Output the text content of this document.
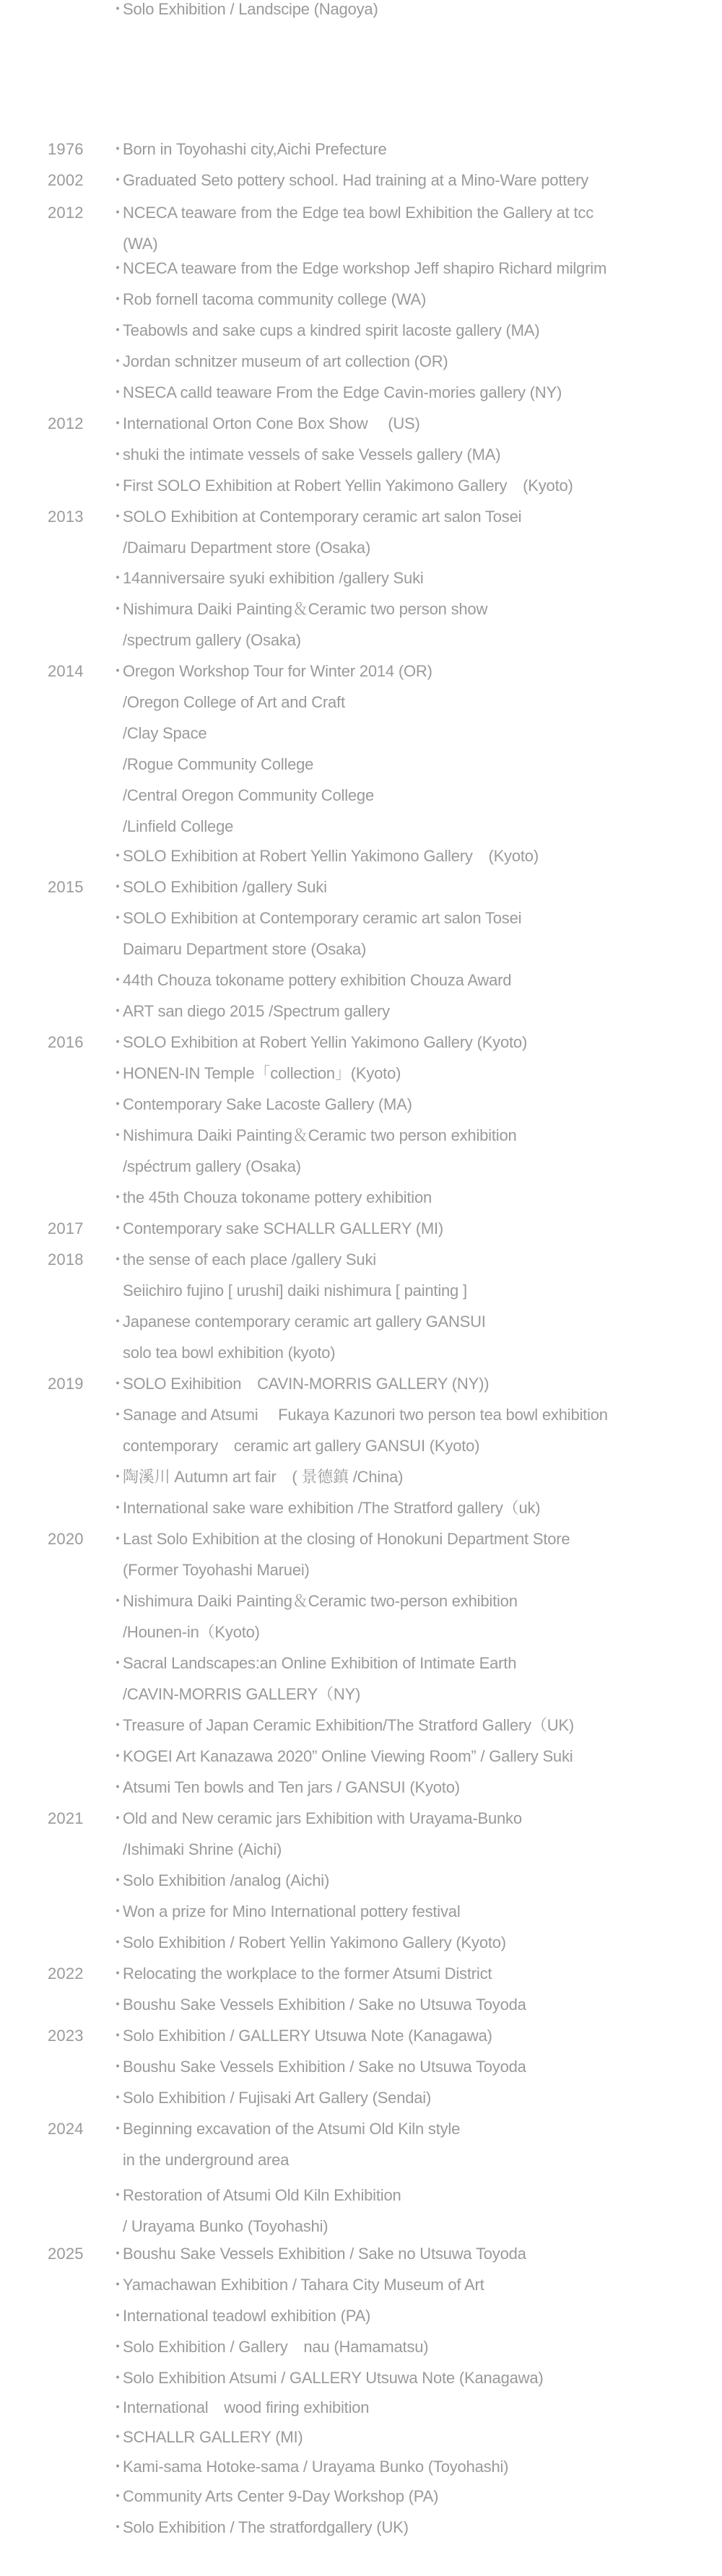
1976 ・
Born in Toyohashi city,Aichi Prefecture
2002 ・
Graduated Seto pottery school. Had training at a Mino-Ware pottery
2012 ・
NCECA teaware from the Edge tea bowl Exhibition the Gallery at tcc
(WA)
・
NCECA teaware from the Edge workshop Jeff shapiro Richard milgrim
・
Rob fornell tacoma community college (WA)
・
Teabowls and sake cups a kindred spirit lacoste gallery (MA)
・
Jordan schnitzer museum of art collection (OR)
・
NSECA calld teaware From the Edge Cavin-mories gallery (NY)
2012 ・
International Orton Cone Box Show　 (US)
・
shuki the intimate vessels of sake Vessels gallery (MA)
・
First SOLO Exhibition at Robert Yellin Yakimono Gallery　(Kyoto)
2013 ・
SOLO Exhibition at Contemporary ceramic art salon Tosei
/Daimaru Department store (Osaka)
・
14anniversaire syuki exhibition /gallery Suki
・
Nishimura Daiki Painting＆Ceramic two person show
/spectrum gallery (Osaka)
2014 ・
Oregon Workshop Tour for Winter 2014 (OR)
/Oregon College of Art and Craft
/Clay Space
/Rogue Community College
/Central Oregon Community College
/Linfield College
・
SOLO Exhibition at Robert Yellin Yakimono Gallery　(Kyoto)
2015 ・
SOLO Exhibition /gallery Suki
・
SOLO Exhibition at Contemporary ceramic art salon Tosei
Daimaru Department store (Osaka)
・
44th Chouza tokoname pottery exhibition Chouza Award
・
ART san diego 2015 /Spectrum gallery
2016 ・
SOLO Exhibition at Robert Yellin Yakimono Gallery (Kyoto)
・
HONEN-IN Temple「collection」(Kyoto)
・
Contemporary Sake Lacoste Gallery (MA)
・
Nishimura Daiki Painting＆Ceramic two person exhibition
/spéctrum gallery (Osaka)
・
the 45th Chouza tokoname pottery exhibition
2017 ・
Contemporary sake SCHALLR GALLERY (MI)
2018 ・
the sense of each place /gallery Suki
Seiichiro fujino [ urushi] daiki nishimura [ painting ]
・
Japanese contemporary ceramic art gallery GANSUI
solo tea bowl exhibition (kyoto)
2019 ・
SOLO Exihibition　CAVIN-MORRIS GALLERY (NY))
・
Sanage and Atsumi　 Fukaya Kazunori two person tea bowl exhibition
contemporary　ceramic art gallery GANSUI (Kyoto)
・
陶溪川 Autumn art fair　( 景德鎮 /China)
・
International sake ware exhibition /The Stratford gallery（uk)
2020 ・
Last Solo Exhibition at the closing of Honokuni Department Store
(Former Toyohashi Maruei)
・
Nishimura Daiki Painting＆Ceramic two-person exhibition
/Hounen-in（Kyoto)
・
Sacral Landscapes:an Online Exhibition of Intimate Earth
/CAVIN-MORRIS GALLERY（NY)
・
Treasure of Japan Ceramic Exhibition/The Stratford Gallery（UK)
・
KOGEI Art Kanazawa 2020” Online Viewing Room” / Gallery Suki
・
Atsumi Ten bowls and Ten jars / GANSUI (Kyoto)
2021 ・
Old and New ceramic jars Exhibition with Urayama-Bunko
/Ishimaki Shrine (Aichi)
・
Solo Exhibition /analog (Aichi)
・
Won a prize for Mino International pottery festival
・
Solo Exhibition / Robert Yellin Yakimono Gallery (Kyoto)
2022 ・
Relocating the workplace to the former Atsumi District
・
Boushu Sake Vessels Exhibition / Sake no Utsuwa Toyoda
2023 ・
Solo Exhibition / GALLERY Utsuwa Note (Kanagawa)
・
Boushu Sake Vessels Exhibition / Sake no Utsuwa Toyoda
・
Solo Exhibition / Fujisaki Art Gallery (Sendai)
2024 ・
Beginning excavation of the Atsumi Old Kiln style
in the underground area
・
Restoration of Atsumi Old Kiln Exhibition
/ Urayama Bunko (Toyohashi)
2025 ・
Boushu Sake Vessels Exhibition / Sake no Utsuwa Toyoda
・
Yamachawan Exhibition / Tahara City Museum of Art
・
International teadowl exhibition (PA)
・
Solo Exhibition / Gallery　nau (Hamamatsu)
・
Solo Exhibition Atsumi / GALLERY Utsuwa Note (Kanagawa)
・
International　wood firing exhibition
・
SCHALLR GALLERY (MI)
・
Kami-sama Hotoke-sama / Urayama Bunko (Toyohashi)
・
Community Arts Center 9-Day Workshop (PA)
・
Solo Exhibition / The stratfordgallery (UK)
・
Solo Exhibition / Landscipe (Nagoya)
